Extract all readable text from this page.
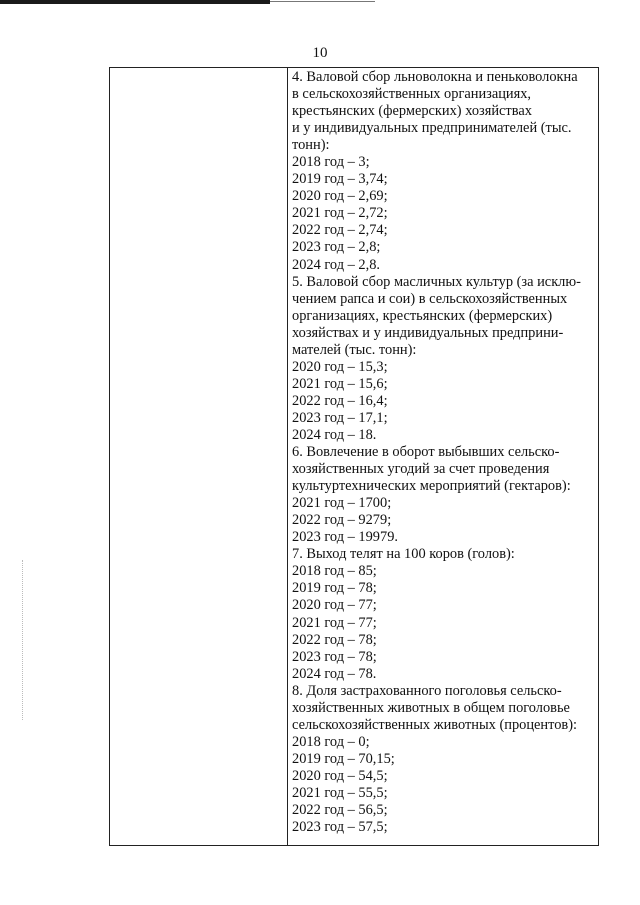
10
4. Валовой сбор льноволокна и пеньковолокна
в сельскохозяйственных организациях,
крестьянских (фермерских) хозяйствах
и у индивидуальных предпринимателей (тыс.
тонн):
2018 год – 3;
2019 год – 3,74;
2020 год – 2,69;
2021 год – 2,72;
2022 год – 2,74;
2023 год – 2,8;
2024 год – 2,8.
5. Валовой сбор масличных культур (за исклю-
чением рапса и сои) в сельскохозяйственных
организациях, крестьянских (фермерских)
хозяйствах и у индивидуальных предприни-
мателей (тыс. тонн):
2020 год – 15,3;
2021 год – 15,6;
2022 год – 16,4;
2023 год – 17,1;
2024 год – 18.
6. Вовлечение в оборот выбывших сельско-
хозяйственных угодий за счет проведения
культуртехнических мероприятий (гектаров):
2021 год – 1700;
2022 год – 9279;
2023 год – 19979.
7. Выход телят на 100 коров (голов):
2018 год – 85;
2019 год – 78;
2020 год – 77;
2021 год – 77;
2022 год – 78;
2023 год – 78;
2024 год – 78.
8. Доля застрахованного поголовья сельско-
хозяйственных животных в общем поголовье
сельскохозяйственных животных (процентов):
2018 год – 0;
2019 год – 70,15;
2020 год – 54,5;
2021 год – 55,5;
2022 год – 56,5;
2023 год – 57,5;
